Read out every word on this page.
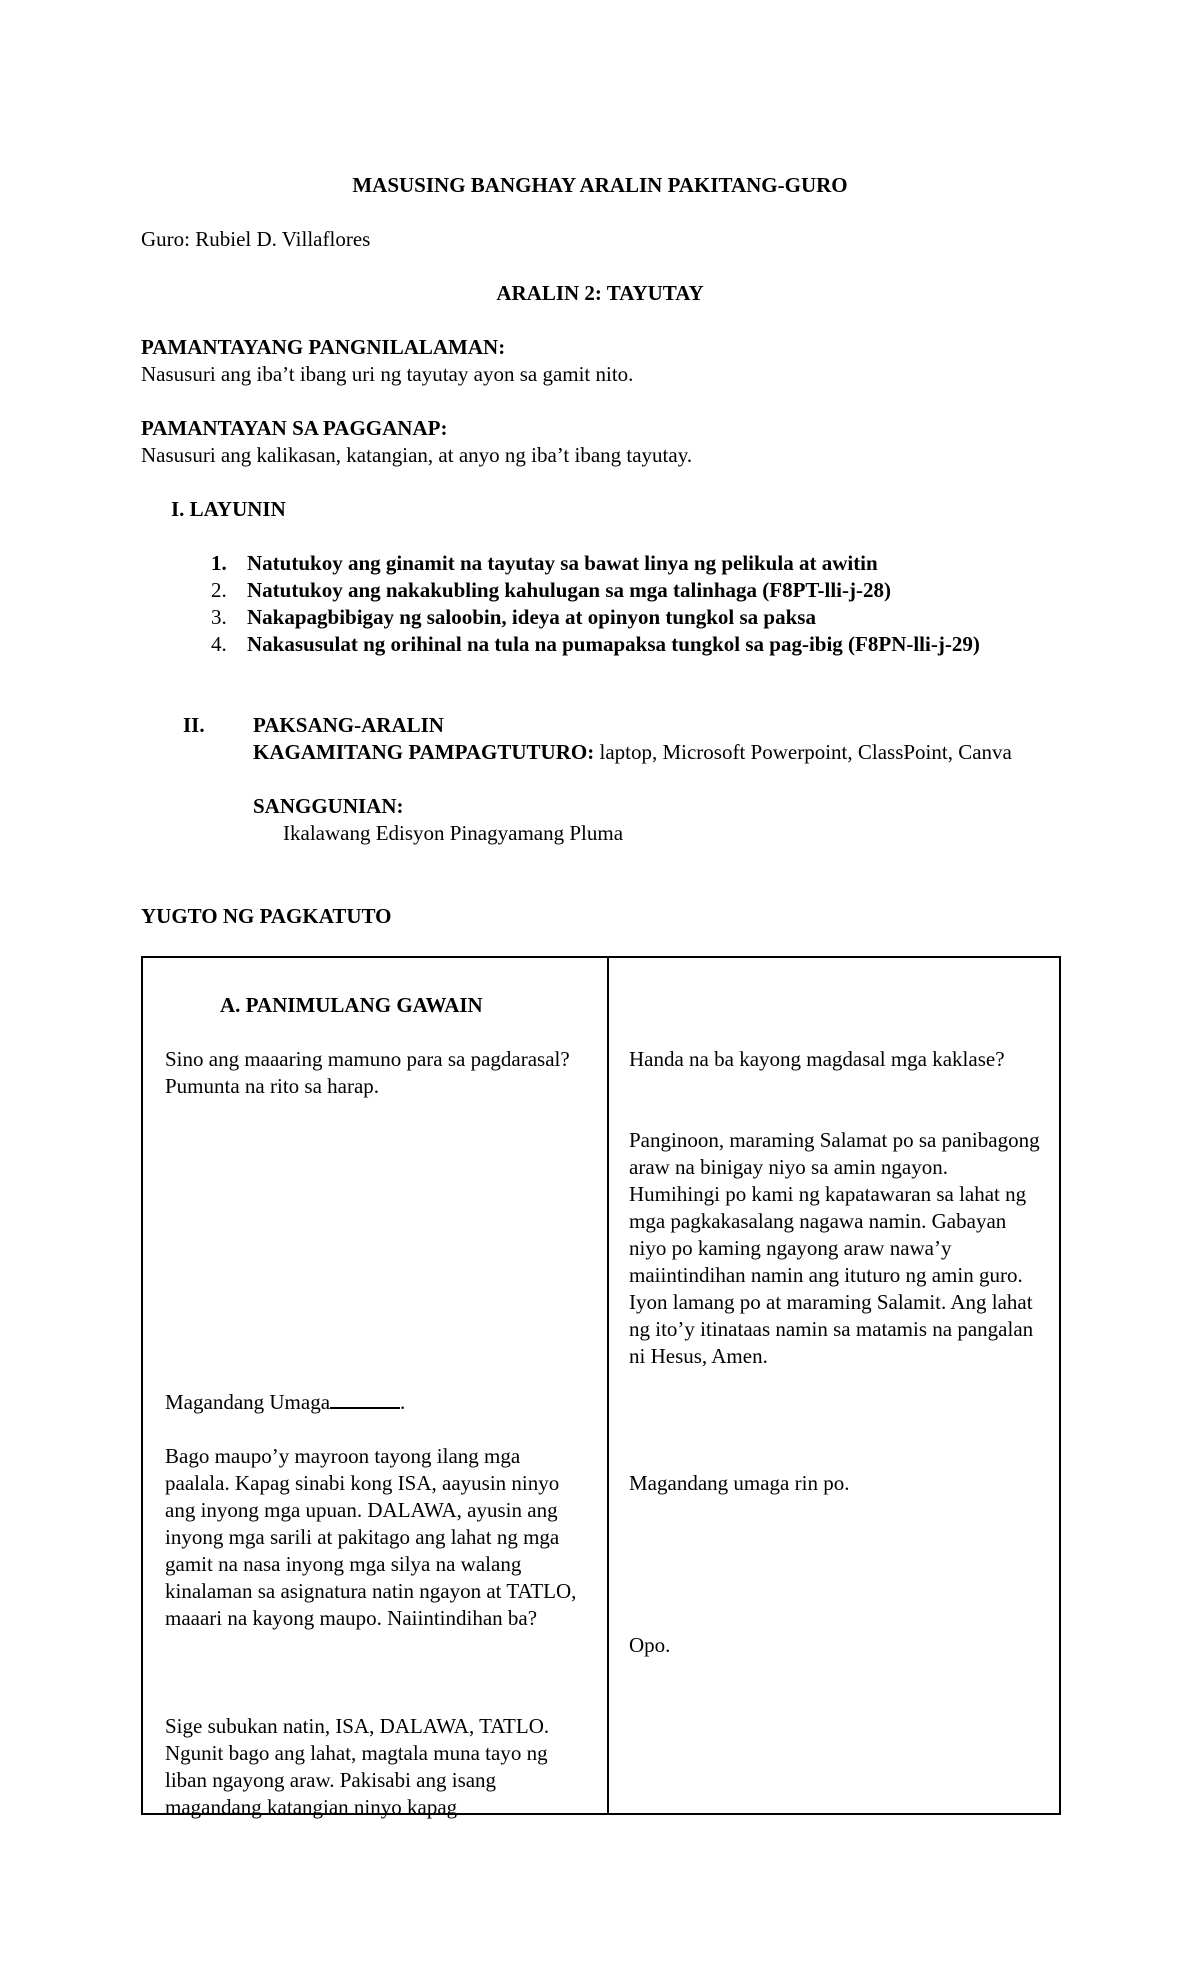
MASUSING BANGHAY ARALIN PAKITANG-GURO

Guro: Rubiel D. Villaflores

ARALIN 2: TAYUTAY

PAMANTAYANG PANGNILALAMAN:

Nasusuri ang iba’t ibang uri ng tayutay ayon sa gamit nito.

PAMANTAYAN SA PAGGANAP:

Nasusuri ang kalikasan, katangian, at anyo ng iba’t ibang tayutay.

I. LAYUNIN

1. Natutukoy ang ginamit na tayutay sa bawat linya ng pelikula at awitin
2. Natutukoy ang nakakubling kahulugan sa mga talinhaga (F8PT-lli-j-28)
3. Nakapagbibigay ng saloobin, ideya at opinyon tungkol sa paksa
4. Nakasusulat ng orihinal na tula na pumapaksa tungkol sa pag-ibig (F8PN-lli-j-29)

II. PAKSANG-ARALIN
KAGAMITANG PAMPAGTUTURO: laptop, Microsoft Powerpoint, ClassPoint, Canva
SANGGUNIAN:
Ikalawang Edisyon Pinagyamang Pluma

YUGTO NG PAGKATUTO

A. PANIMULANG GAWAIN

Sino ang maaaring mamuno para sa pagdarasal? Pumunta na rito sa harap.

Magandang Umaga	.

Bago maupo’y mayroon tayong ilang mga paalala. Kapag sinabi kong ISA, aayusin ninyo ang inyong mga upuan. DALAWA, ayusin ang inyong mga sarili at pakitago ang lahat ng mga gamit na nasa inyong mga silya na walang kinalaman sa asignatura natin ngayon at TATLO, maaari na kayong maupo. Naiintindihan ba?

Sige subukan natin, ISA, DALAWA, TATLO. Ngunit bago ang lahat, magtala muna tayo ng liban ngayong araw. Pakisabi ang isang magandang katangian ninyo kapag

Handa na ba kayong magdasal mga kaklase?

Panginoon, maraming Salamat po sa panibagong araw na binigay niyo sa amin ngayon. Humihingi po kami ng kapatawaran sa lahat ng mga pagkakasalang nagawa namin. Gabayan niyo po kaming ngayong araw nawa’y maiintindihan namin ang ituturo ng amin guro. Iyon lamang po at maraming Salamit. Ang lahat ng ito’y itinataas namin sa matamis na pangalan ni Hesus, Amen.

Magandang umaga rin po.

Opo.
